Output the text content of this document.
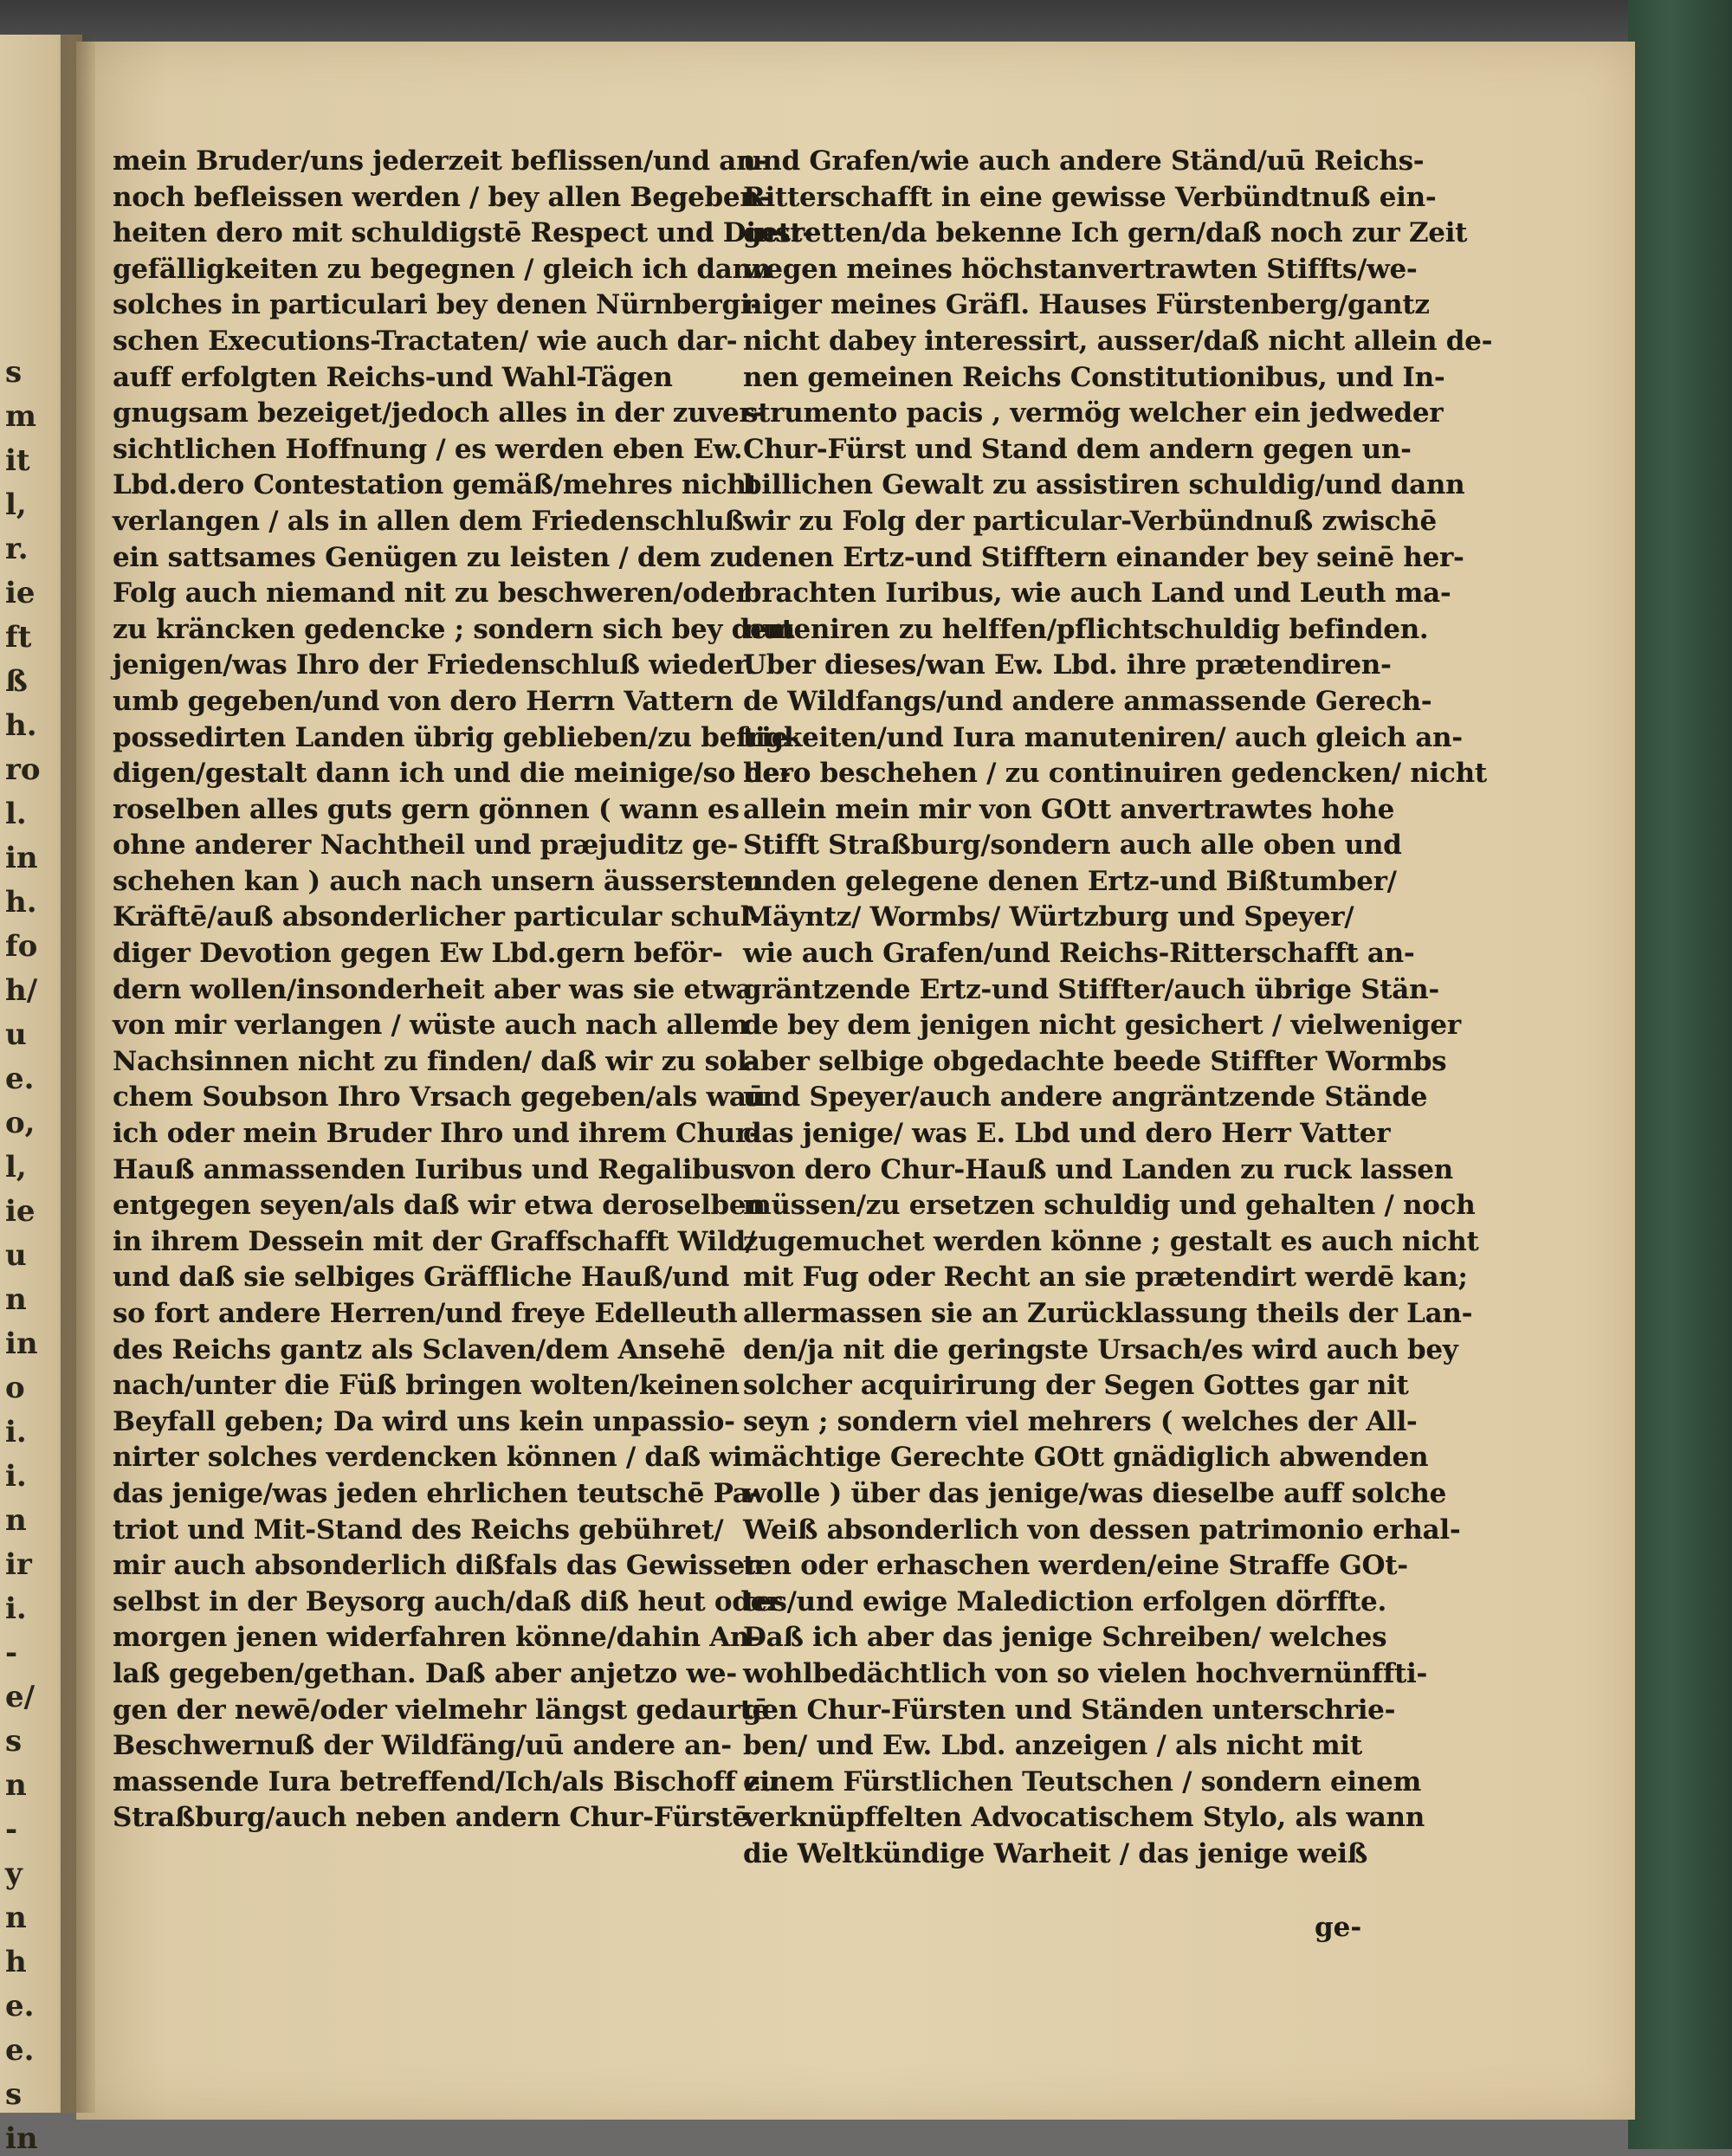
s
m
it
l,
r.
ie
ft
ß
h.
ro
l.
in
h.
fo
h/
u
e.
o,
l,
ie
u
n
in
o
i.
i.
n
ir
i.
-
e/
s
n
-
y
n
h
e.
e.
s
in
mein Bruder/uns jederzeit beflissen/und an-
noch befleissen werden / bey allen Begeben-
heiten dero mit schuldigstē Respect und Dinst-
gefälligkeiten zu begegnen / gleich ich dann
solches in particulari bey denen Nürnbergi-
schen Executions-Tractaten/ wie auch dar-
auff erfolgten Reichs-und Wahl-Tägen
gnugsam bezeiget/jedoch alles in der zuver-
sichtlichen Hoffnung / es werden eben Ew.
Lbd.dero Contestation gemäß/mehres nicht
verlangen / als in allen dem Friedenschluß
ein sattsames Genügen zu leisten / dem zu
Folg auch niemand nit zu beschweren/oder
zu kräncken gedencke ; sondern sich bey dem
jenigen/was Ihro der Friedenschluß wieder.
umb gegeben/und von dero Herrn Vattern
possedirten Landen übrig geblieben/zu befrie-
digen/gestalt dann ich und die meinige/so de-
roselben alles guts gern gönnen ( wann es
ohne anderer Nachtheil und præjuditz ge-
schehen kan ) auch nach unsern äussersten
Kräftē/auß absonderlicher particular schul-
diger Devotion gegen Ew Lbd.gern beför-
dern wollen/insonderheit aber was sie etwa
von mir verlangen / wüste auch nach allem
Nachsinnen nicht zu finden/ daß wir zu sol-
chem Soubson Ihro Vrsach gegeben/als waū
ich oder mein Bruder Ihro und ihrem Chur-
Hauß anmassenden Iuribus und Regalibus
entgegen seyen/als daß wir etwa deroselben
in ihrem Dessein mit der Graffschafft Wild/
und daß sie selbiges Gräffliche Hauß/und
so fort andere Herren/und freye Edelleuth
des Reichs gantz als Sclaven/dem Ansehē
nach/unter die Füß bringen wolten/keinen
Beyfall geben; Da wird uns kein unpassio-
nirter solches verdencken können / daß wir
das jenige/was jeden ehrlichen teutschē Pa-
triot und Mit-Stand des Reichs gebühret/
mir auch absonderlich dißfals das Gewissen
selbst in der Beysorg auch/daß diß heut oder
morgen jenen widerfahren könne/dahin An-
laß gegeben/gethan. Daß aber anjetzo we-
gen der newē/oder vielmehr längst gedaurtē
Beschwernuß der Wildfäng/uū andere an-
massende Iura betreffend/Ich/als Bischoff zu
Straßburg/auch neben andern Chur-Fürstē
und Grafen/wie auch andere Ständ/uū Reichs-
Ritterschafft in eine gewisse Verbündtnuß ein-
getretten/da bekenne Ich gern/daß noch zur Zeit
wegen meines höchstanvertrawten Stiffts/we-
niger meines Gräfl. Hauses Fürstenberg/gantz
nicht dabey interessirt, ausser/daß nicht allein de-
nen gemeinen Reichs Constitutionibus, und In-
strumento pacis , vermög welcher ein jedweder
Chur-Fürst und Stand dem andern gegen un-
billichen Gewalt zu assistiren schuldig/und dann
wir zu Folg der particular-Verbündnuß zwischē
denen Ertz-und Stifftern einander bey seinē her-
brachten Iuribus, wie auch Land und Leuth ma-
nuteniren zu helffen/pflichtschuldig befinden.
Uber dieses/wan Ew. Lbd. ihre prætendiren-
de Wildfangs/und andere anmassende Gerech-
tigkeiten/und Iura manuteniren/ auch gleich an-
hero beschehen / zu continuiren gedencken/ nicht
allein mein mir von GOtt anvertrawtes hohe
Stifft Straßburg/sondern auch alle oben und
unden gelegene denen Ertz-und Bißtumber/
Mäyntz/ Wormbs/ Würtzburg und Speyer/
wie auch Grafen/und Reichs-Ritterschafft an-
gräntzende Ertz-und Stiffter/auch übrige Stän-
de bey dem jenigen nicht gesichert / vielweniger
aber selbige obgedachte beede Stiffter Wormbs
und Speyer/auch andere angräntzende Stände
das jenige/ was E. Lbd und dero Herr Vatter
von dero Chur-Hauß und Landen zu ruck lassen
müssen/zu ersetzen schuldig und gehalten / noch
zugemuchet werden könne ; gestalt es auch nicht
mit Fug oder Recht an sie prætendirt werdē kan;
allermassen sie an Zurücklassung theils der Lan-
den/ja nit die geringste Ursach/es wird auch bey
solcher acquirirung der Segen Gottes gar nit
seyn ; sondern viel mehrers ( welches der All-
mächtige Gerechte GOtt gnädiglich abwenden
wolle ) über das jenige/was dieselbe auff solche
Weiß absonderlich von dessen patrimonio erhal-
ten oder erhaschen werden/eine Straffe GOt-
tes/und ewige Malediction erfolgen dörffte.
Daß ich aber das jenige Schreiben/ welches
wohlbedächtlich von so vielen hochvernünffti-
gen Chur-Fürsten und Ständen unterschrie-
ben/ und Ew. Lbd. anzeigen / als nicht mit
einem Fürstlichen Teutschen / sondern einem
verknüpffelten Advocatischem Stylo, als wann
die Weltkündige Warheit / das jenige weiß
ge-
